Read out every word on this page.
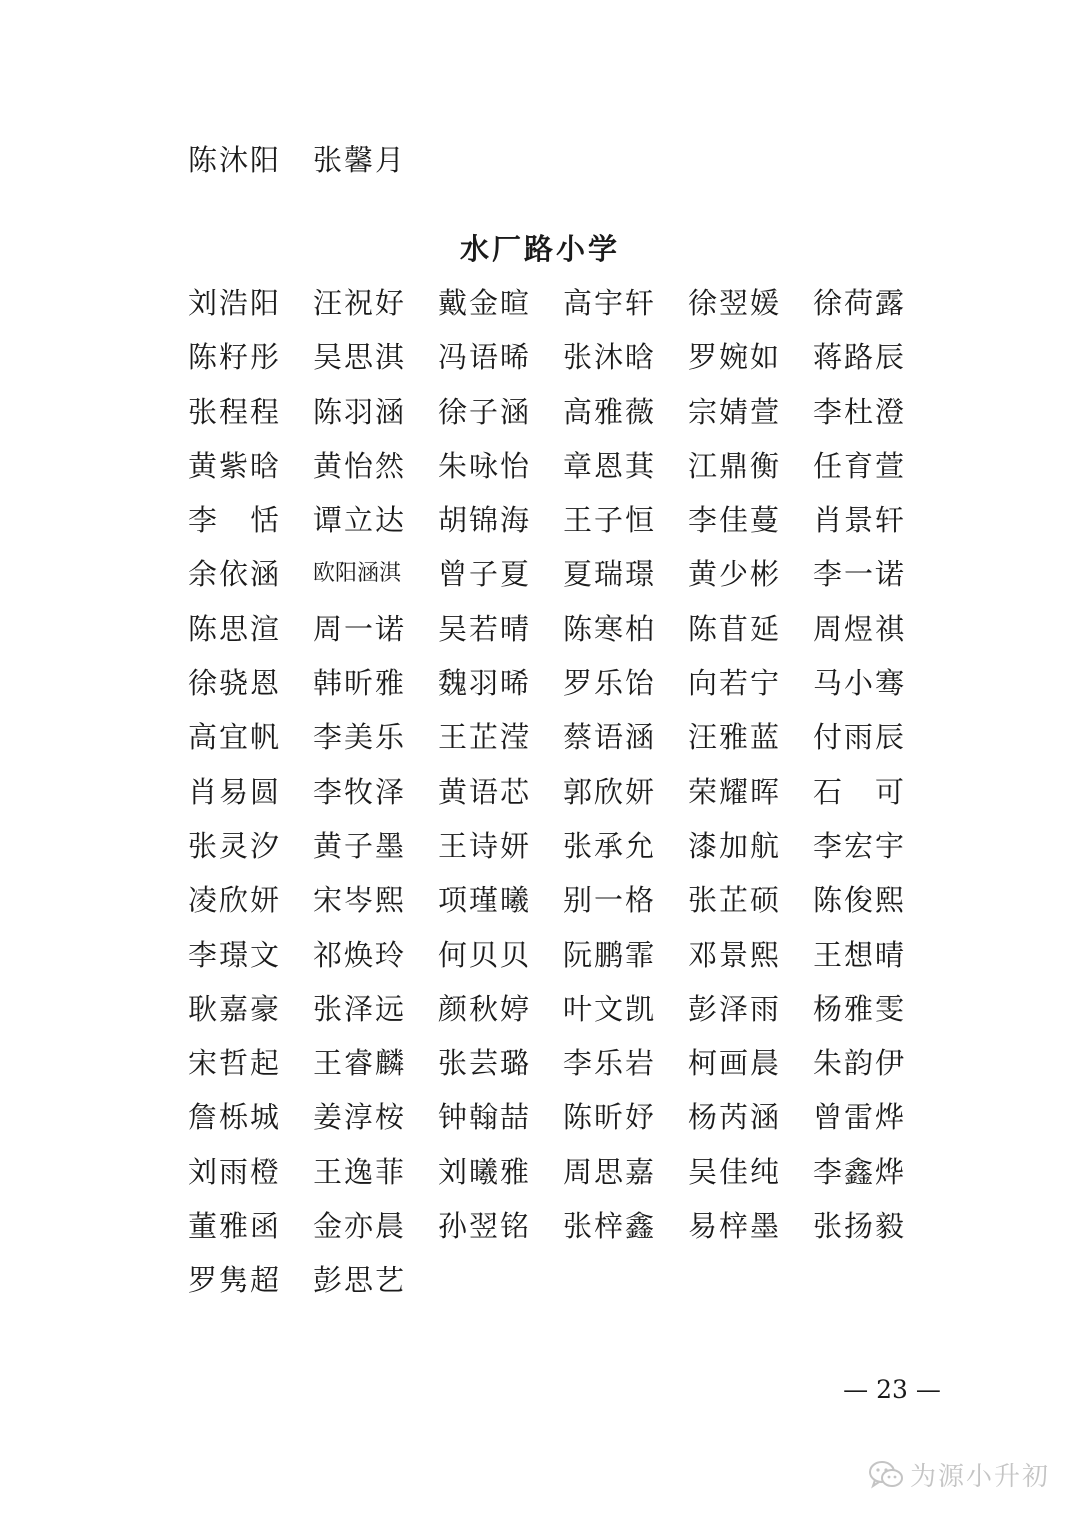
陈沐阳	张馨月
水厂路小学
刘浩阳	汪祝好	戴金暄	高宇轩	徐翌媛	徐荷露
陈籽彤	吴思淇	冯语晞	张沐晗	罗婉如	蒋路辰
张程程	陈羽涵	徐子涵	高雅薇	宗婧萱	李杜澄
黄紫晗	黄怡然	朱咏怡	章恩萁	江鼎衡	任育萱
李　恬	谭立达	胡锦海	王子恒	李佳蔓	肖景轩
余依涵	欧阳涵淇	曾子夏	夏瑞璟	黄少彬	李一诺
陈思渲	周一诺	吴若晴	陈寒柏	陈苜延	周煜祺
徐骁恩	韩昕雅	魏羽晞	罗乐饴	向若宁	马小骞
高宜帆	李美乐	王芷滢	蔡语涵	汪雅蓝	付雨辰
肖易圆	李牧泽	黄语芯	郭欣妍	荣耀晖	石　可
张灵汐	黄子墨	王诗妍	张承允	漆加航	李宏宇
凌欣妍	宋岑熙	项瑾曦	别一格	张芷硕	陈俊熙
李璟文	祁焕玲	何贝贝	阮鹏霏	邓景熙	王想晴
耿嘉豪	张泽远	颜秋婷	叶文凯	彭泽雨	杨雅雯
宋哲起	王睿麟	张芸璐	李乐岩	柯画晨	朱韵伊
詹栎城	姜淳桉	钟翰喆	陈昕妤	杨芮涵	曾雷烨
刘雨橙	王逸菲	刘曦雅	周思嘉	吴佳纯	李鑫烨
董雅函	金亦晨	孙翌铭	张梓鑫	易梓墨	张扬毅
罗隽超	彭思艺
— 23 —
为源小升初
